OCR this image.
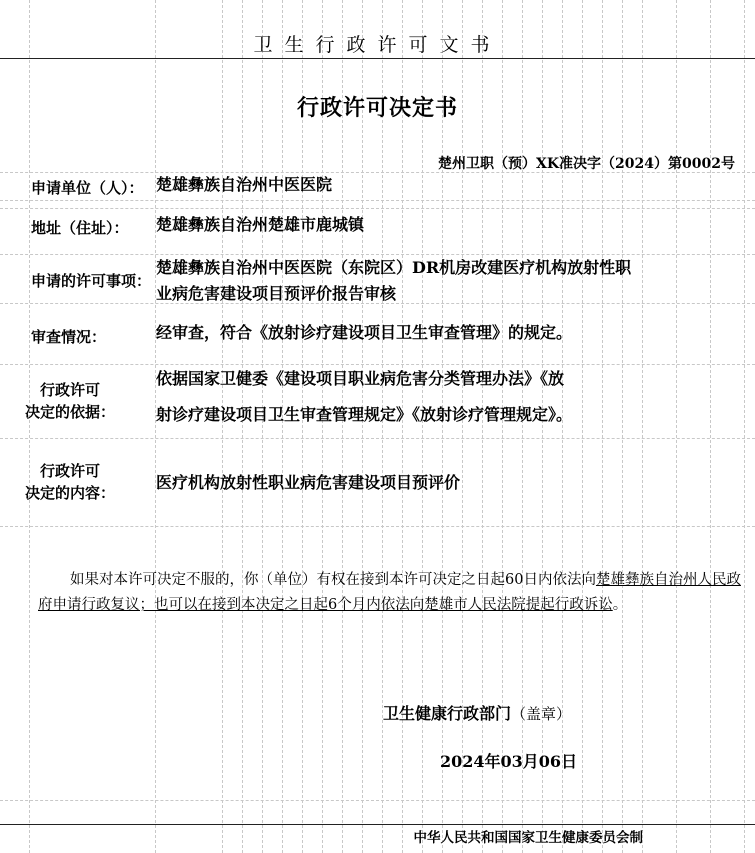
卫生行政许可文书
行政许可决定书
楚州卫职（预）XK准决字（2024）第0002号
申请单位（人）： 楚雄彝族自治州中医医院
地址（住址）： 楚雄彝族自治州楚雄市鹿城镇
申请的许可事项：
楚雄彝族自治州中医医院（东院区）DR机房改建医疗机构放射性职业病危害建设项目预评价报告审核
审查情况：	经审查，符合《放射诊疗建设项目卫生审查管理》的规定。
行政许可
决定的依据：
依据国家卫健委《建设项目职业病危害分类管理办法》《放
射诊疗建设项目卫生审查管理规定》《放射诊疗管理规定》。
行政许可
决定的内容：
医疗机构放射性职业病危害建设项目预评价
如果对本许可决定不服的，你（单位）有权在接到本许可决定之日起60日内依法向楚雄彝族自治州人民政府申请行政复议；也可以在接到本决定之日起6个月内依法向楚雄市人民法院提起行政诉讼。
卫生健康行政部门（盖章）
2024年03月06日
中华人民共和国国家卫生健康委员会制
